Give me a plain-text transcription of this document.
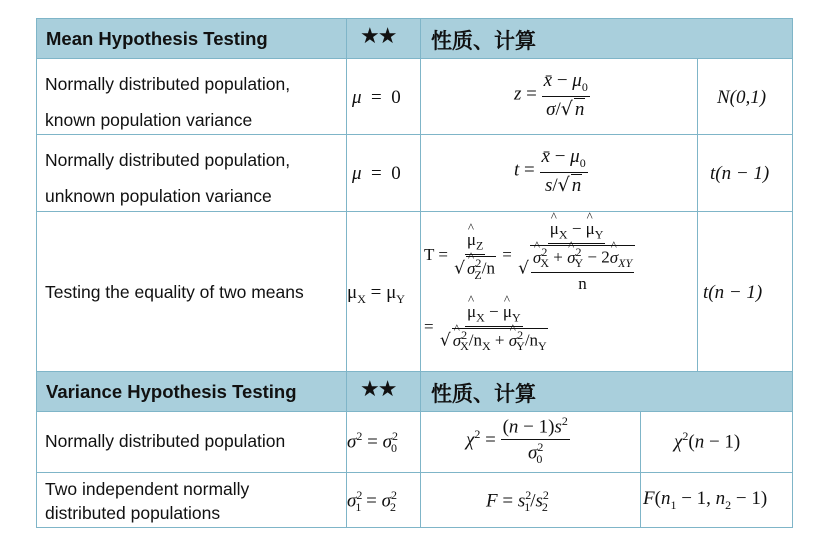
Mean Hypothesis Testing	★★ 性质、计算
Variance Hypothesis Testing	★★ 性质、计算
Normally distributed population,
known population variance
μ  =  0	$z = \frac{x̄ - \mu_0}{\sigma/√ n}$	N(0,1)
Normally distributed population,
unknown population variance
μ  =  0	$t = \frac{x̄ - \mu_0}{s/√ n}$	t(n − 1)
Testing the equality of two means $\mu_X = \mu_Y$
T =
^ $\frac{\mu_Z}{√\^{} \sigma^2_Z/n}$ =
^ $\mu_X$ − ^ $\mu_Y$
√
^ $\frac{\sigma^2_X + \^{} \sigma^2_Y - 2\^{} \sigma_{XY}}{n}$
=
^ $\frac{\mu_X - \^{} \mu_Y}{√\^{} \sigma^2_X/n_X + \^{} \sigma^2_Y/n_Y}$
t(n − 1)
Normally distributed population	$\sigma^2 = \sigma^2_0$	$\chi^2 = \frac{(n - 1)s^2}{\sigma^2_0}$	$\chi^2(n - 1)$
Two independent normally
distributed populations
$\sigma^2_1 = \sigma^2_2$	$F = s^2_1/s^2_2$	$F(n_1 - 1$, $n_2 - 1$)
